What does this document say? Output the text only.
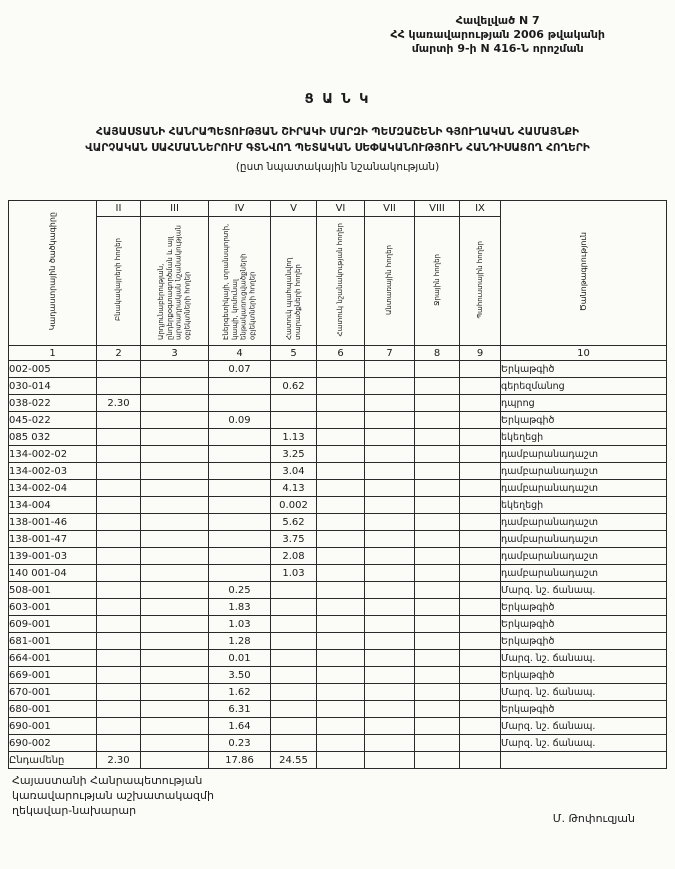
Հավելված N 7
ՀՀ կառավարության 2006 թվականի
մարտի 9-ի N 416-Ն որոշման
Ց Ա Ն Կ
ՀԱՅԱՍՏԱՆԻ ՀԱՆՐԱՊԵՏՈՒԹՅԱՆ ՇԻՐԱԿԻ ՄԱՐԶԻ ՊԵՄԶԱՇԵՆԻ ԳՅՈՒՂԱԿԱՆ ՀԱՄԱՅՆՔԻ
ՎԱՐՉԱԿԱՆ ՍԱՀՄԱՆՆԵՐՈՒՄ ԳՏՆՎՈՂ ՊԵՏԱԿԱՆ ՍԵՓԱԿԱՆՈՒԹՅՈՒՆ ՀԱՆԴԻՍԱՑՈՂ ՀՈՂԵՐԻ
(ըստ նպատակային նշանակության)
Կադաստրային ծածկագիրը	II	III	IV	V	VI	VII	VIII	IX	Ծանոթագրություն
	Բնակավայրերի հողեր	Արդյունաբերության, ընդերքօգտագործման և այլ արտադրական նշանակության օբյեկտների հողեր	Էներգետիկայի, տրանսպորտի, կապի, կոմունալ ենթակառուցվածքների օբյեկտների հողեր	Հատուկ պահպանվող տարածքների հողեր	Հատուկ նշանակության հողեր	Անտառային հողեր	Ջրային հողեր	Պահուստային հողեր	
1	2	3	4	5	6	7	8	9	10
002-005			0.07						Երկաթգիծ
030-014				0.62					գերեզմանոց
038-022	2.30								դպրոց
045-022			0.09						Երկաթգիծ
085 032				1.13					եկեղեցի
134-002-02				3.25					դամբարանադաշտ
134-002-03				3.04					դամբարանադաշտ
134-002-04				4.13					դամբարանադաշտ
134-004				0.002					եկեղեցի
138-001-46				5.62					դամբարանադաշտ
138-001-47				3.75					դամբարանադաշտ
139-001-03				2.08					դամբարանադաշտ
140 001-04				1.03					դամբարանադաշտ
508-001			0.25						Մարզ. նշ. ճանապ.
603-001			1.83						Երկաթգիծ
609-001			1.03						Երկաթգիծ
681-001			1.28						Երկաթգիծ
664-001			0.01						Մարզ. նշ. ճանապ.
669-001			3.50						Երկաթգիծ
670-001			1.62						Մարզ. նշ. ճանապ.
680-001			6.31						Երկաթգիծ
690-001			1.64						Մարզ. նշ. ճանապ.
690-002			0.23						Մարզ. նշ. ճանապ.
Ընդամենը	2.30		17.86	24.55					
Հայաստանի Հանրապետության
կառավարության աշխատակազմի
ղեկավար-նախարար
Մ. Թոփուզյան
